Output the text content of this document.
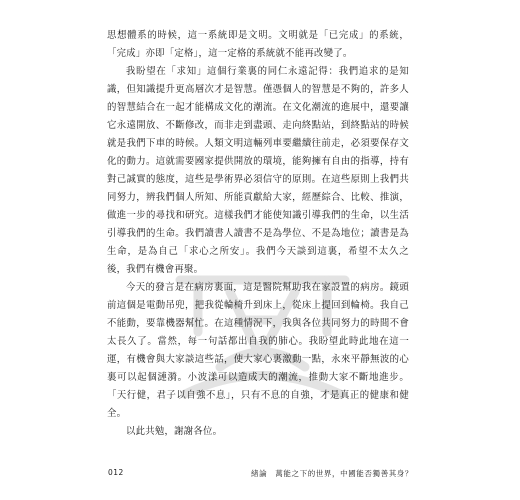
思想體系的時候，這一系統即是文明。文明就是「已完成」的系統，「完成」亦即「定格」，這一定格的系統就不能再改變了。

我盼望在「求知」這個行業裏的同仁永遠記得：我們追求的是知識，但知識提升更高層次才是智慧。僅憑個人的智慧是不夠的，許多人的智慧結合在一起才能構成文化的潮流。在文化潮流的進展中，還要讓它永遠開放、不斷修改，而非走到盡頭、走向終點站，到終點站的時候就是我們下車的時候。人類文明這輛列車要繼續往前走，必須要保存文化的動力。這就需要國家提供開放的環境，能夠擁有自由的指導，持有對己誠實的態度，這些是學術界必須信守的原則。在這些原則上我們共同努力，辨我們個人所知、所能貢獻給大家，經歷綜合、比較、推演，做進一步的尋找和研究。這樣我們才能使知識引導我們的生命，以生活引導我們的生命。我們讀書人讀書不是為學位、不是為地位；讀書是為生命，是為自己「求心之所安」。我們今天談到這裏，希望不太久之後，我們有機會再聚。

今天的發言是在病房裏面，這是醫院幫助我在家設置的病房。鏡頭前這個是電動吊兜，把我從輪椅升到床上，從床上提回到輪椅。我自己不能動，要靠機器幫忙。在這種情況下，我與各位共同努力的時間不會太長久了。當然，每一句話都出自我的肺心。我盼望此時此地在這一運，有機會與大家談這些話，使大家心裏激動一點，永來平靜無波的心裏可以起個漣漪。小波漾可以造成大的潮流，推動大家不斷地進步。「天行健，君子以自強不息」，只有不息的自強，才是真正的健康和健全。

以此共勉，謝謝各位。

012	緒論　萬能之下的世界，中國能否獨善其身？
